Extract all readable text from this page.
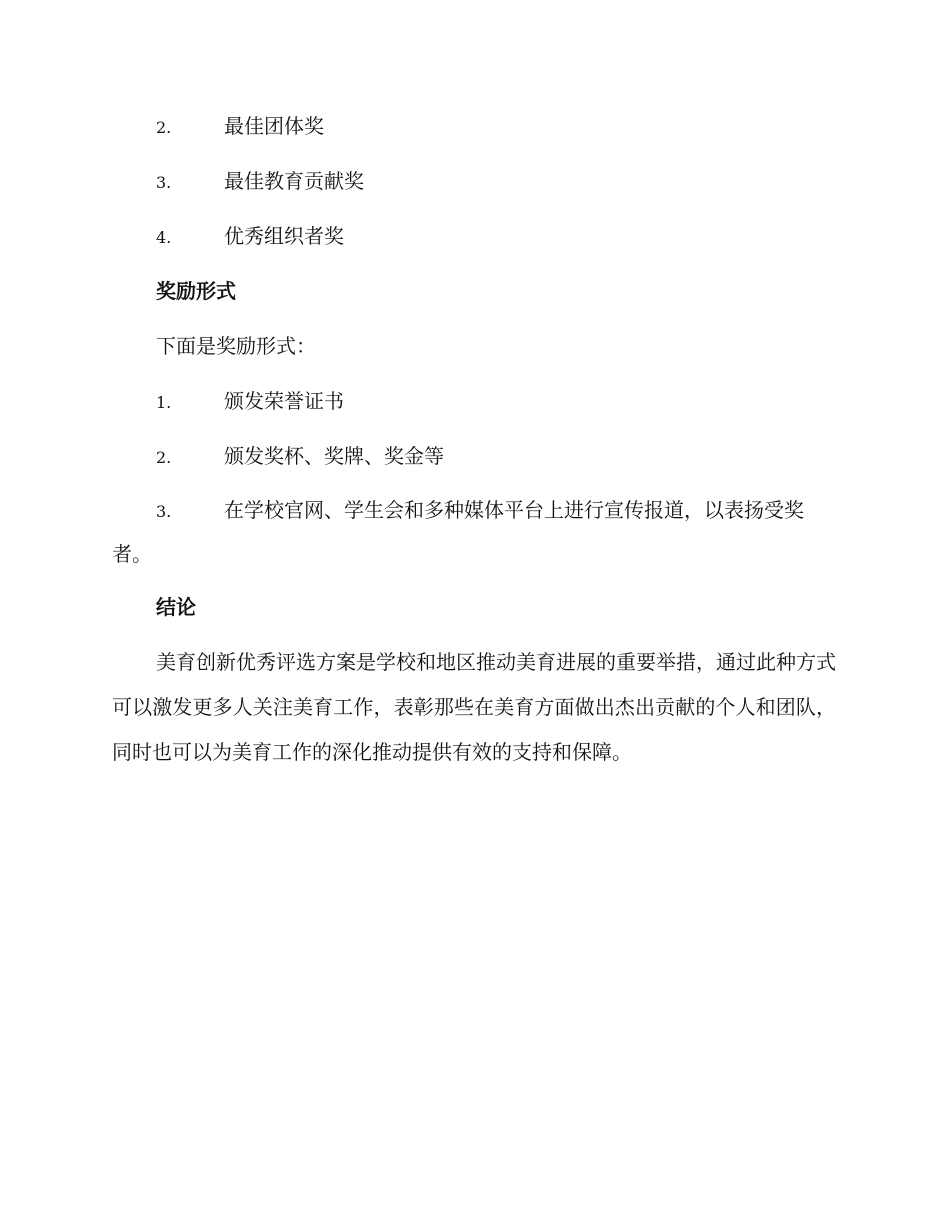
2.	最佳团体奖
3.	最佳教育贡献奖
4.	优秀组织者奖
奖励形式
下面是奖励形式：
1.	颁发荣誉证书
2.	颁发奖杯、奖牌、奖金等
3.	在学校官网、学生会和多种媒体平台上进行宣传报道，以表扬受奖者。
结论
美育创新优秀评选方案是学校和地区推动美育进展的重要举措，通过此种方式可以激发更多人关注美育工作，表彰那些在美育方面做出杰出贡献的个人和团队，同时也可以为美育工作的深化推动提供有效的支持和保障。
